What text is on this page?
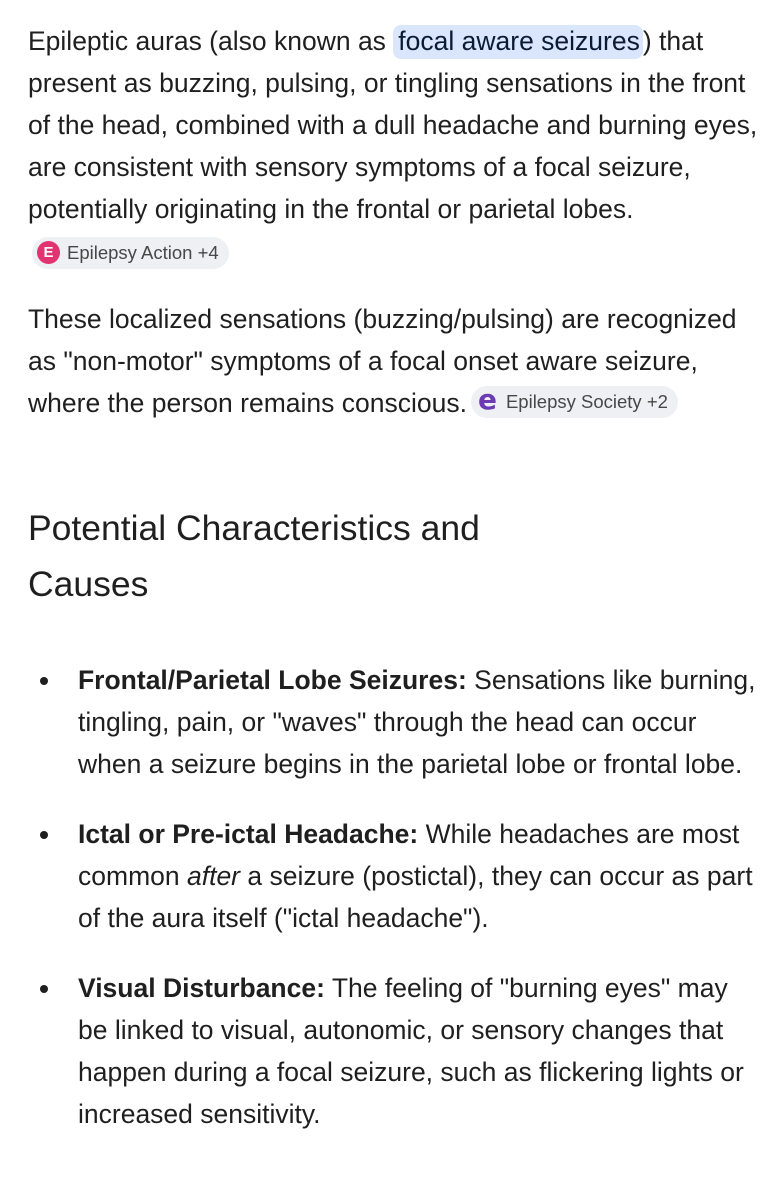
Epileptic auras (also known as focal aware seizures ) that present as buzzing, pulsing, or tingling sensations in the front of the head, combined with a dull headache and burning eyes, are consistent with sensory symptoms of a focal seizure, potentially originating in the frontal or parietal lobes.
E Epilepsy Action +4

These localized sensations (buzzing/pulsing) are recognized as "non-motor" symptoms of a focal onset aware seizure, where the person remains conscious. e Epilepsy Society +2

Potential Characteristics and Causes
Frontal/Parietal Lobe Seizures: Sensations like burning, tingling, pain, or "waves" through the head can occur when a seizure begins in the parietal lobe or frontal lobe.
Ictal or Pre-ictal Headache: While headaches are most common after a seizure (postictal), they can occur as part of the aura itself ("ictal headache").
Visual Disturbance: The feeling of "burning eyes" may be linked to visual, autonomic, or sensory changes that happen during a focal seizure, such as flickering lights or increased sensitivity.
